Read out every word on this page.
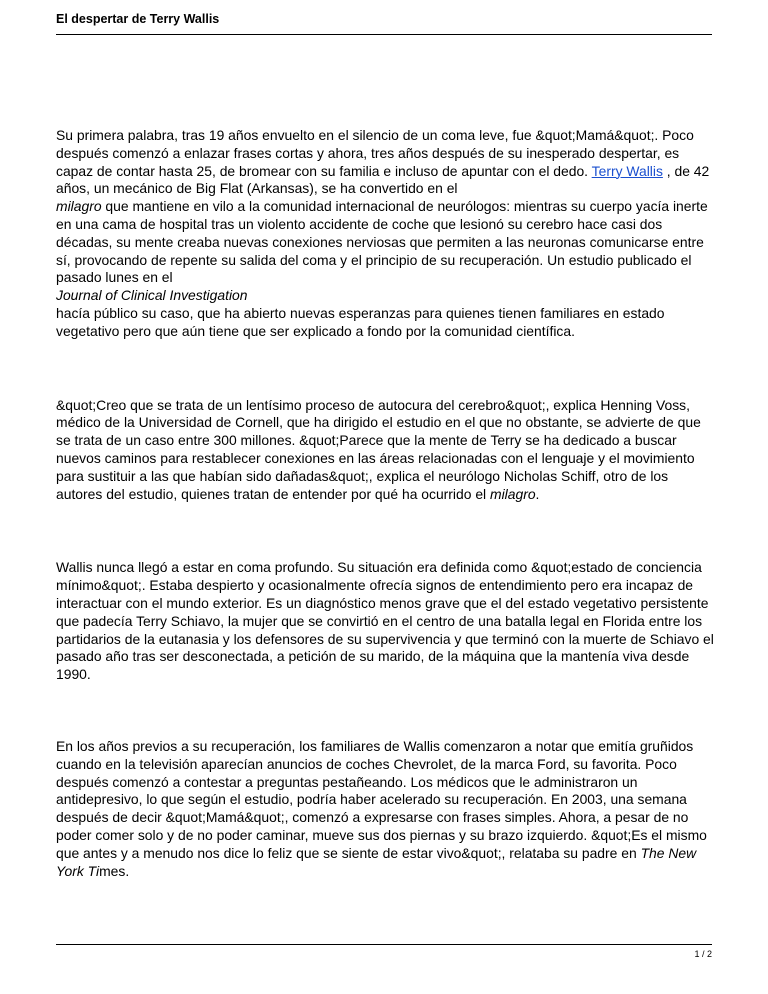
El despertar de Terry Wallis

Su primera palabra, tras 19 años envuelto en el silencio de un coma leve, fue &quot;Mamá&quot;. Poco después comenzó a enlazar frases cortas y ahora, tres años después de su inesperado despertar, es capaz de contar hasta 25, de bromear con su familia e incluso de apuntar con el dedo. Terry Wallis , de 42 años, un mecánico de Big Flat (Arkansas), se ha convertido en el milagro que mantiene en vilo a la comunidad internacional de neurólogos: mientras su cuerpo yacía inerte en una cama de hospital tras un violento accidente de coche que lesionó su cerebro hace casi dos décadas, su mente creaba nuevas conexiones nerviosas que permiten a las neuronas comunicarse entre sí, provocando de repente su salida del coma y el principio de su recuperación. Un estudio publicado el pasado lunes en el
Journal of Clinical Investigation
hacía público su caso, que ha abierto nuevas esperanzas para quienes tienen familiares en estado vegetativo pero que aún tiene que ser explicado a fondo por la comunidad científica.

&quot;Creo que se trata de un lentísimo proceso de autocura del cerebro&quot;, explica Henning Voss, médico de la Universidad de Cornell, que ha dirigido el estudio en el que no obstante, se advierte de que se trata de un caso entre 300 millones. &quot;Parece que la mente de Terry se ha dedicado a buscar nuevos caminos para restablecer conexiones en las áreas relacionadas con el lenguaje y el movimiento para sustituir a las que habían sido dañadas&quot;, explica el neurólogo Nicholas Schiff, otro de los autores del estudio, quienes tratan de entender por qué ha ocurrido el milagro.

Wallis nunca llegó a estar en coma profundo. Su situación era definida como &quot;estado de conciencia mínimo&quot;. Estaba despierto y ocasionalmente ofrecía signos de entendimiento pero era incapaz de interactuar con el mundo exterior. Es un diagnóstico menos grave que el del estado vegetativo persistente que padecía Terry Schiavo, la mujer que se convirtió en el centro de una batalla legal en Florida entre los partidarios de la eutanasia y los defensores de su supervivencia y que terminó con la muerte de Schiavo el pasado año tras ser desconectada, a petición de su marido, de la máquina que la mantenía viva desde 1990.

En los años previos a su recuperación, los familiares de Wallis comenzaron a notar que emitía gruñidos cuando en la televisión aparecían anuncios de coches Chevrolet, de la marca Ford, su favorita. Poco después comenzó a contestar a preguntas pestañeando. Los médicos que le administraron un antidepresivo, lo que según el estudio, podría haber acelerado su recuperación. En 2003, una semana después de decir &quot;Mamá&quot;, comenzó a expresarse con frases simples. Ahora, a pesar de no poder comer solo y de no poder caminar, mueve sus dos piernas y su brazo izquierdo. &quot;Es el mismo que antes y a menudo nos dice lo feliz que se siente de estar vivo&quot;, relataba su padre en The New York Times.

1 / 2
